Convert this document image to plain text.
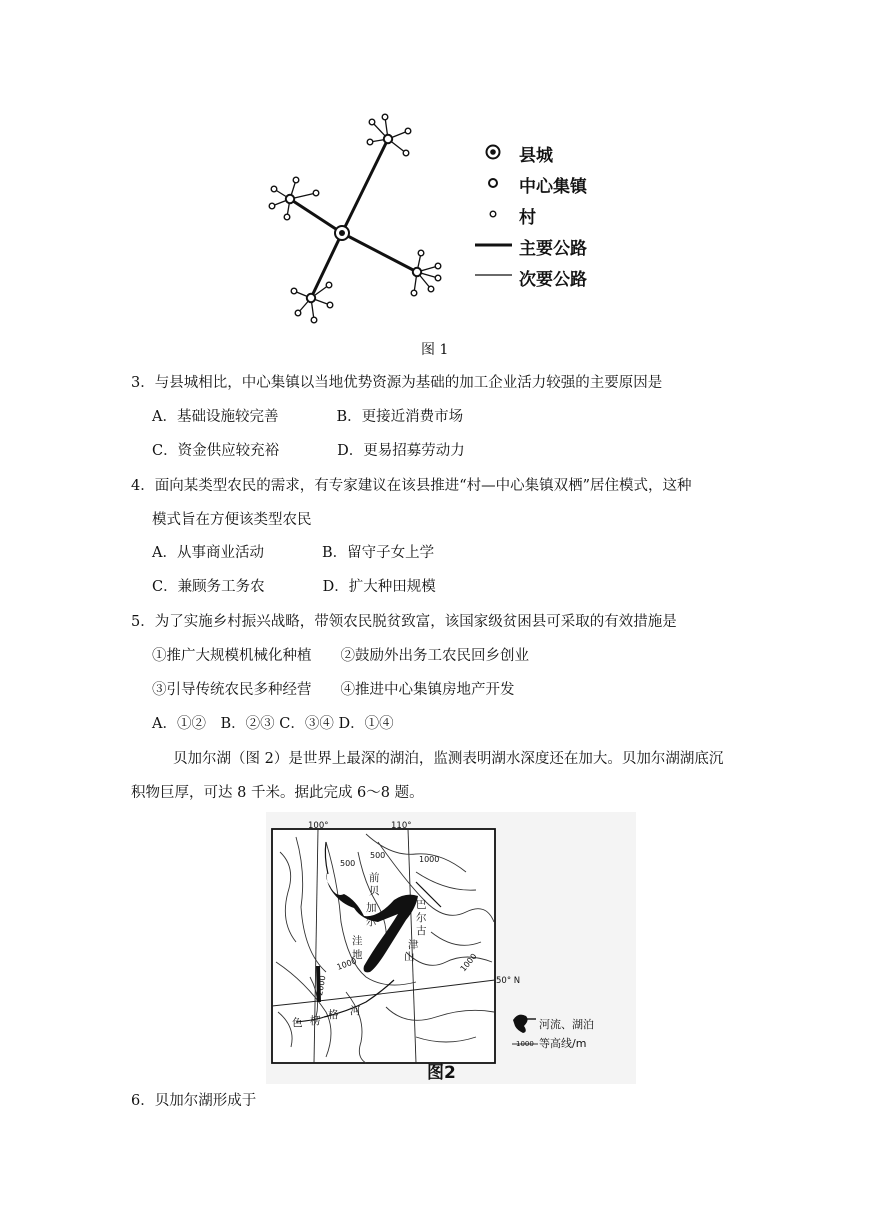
县城
中心集镇
村
主要公路
次要公路
图 1
3．与县城相比，中心集镇以当地优势资源为基础的加工企业活力较强的主要原因是
A．基础设施较完善　　　　B．更接近消费市场
C．资金供应较充裕　　　　D．更易招募劳动力
4．面向某类型农民的需求，有专家建议在该县推进“村—中心集镇双栖”居住模式，这种
模式旨在方便该类型农民
A．从事商业活动　　　　B．留守子女上学
C．兼顾务工务农　　　　D．扩大种田规模
5．为了实施乡村振兴战略，带领农民脱贫致富，该国家级贫困县可采取的有效措施是
①推广大规模机械化种植　　②鼓励外出务工农民回乡创业
③引导传统农民多种经营　　④推进中心集镇房地产开发
A．①②　B．②③ C．③④ D．①④
贝加尔湖（图 2）是世界上最深的湖泊，监测表明湖水深度还在加大。贝加尔湖湖底沉
积物巨厚，可达 8 千米。据此完成 6～8 题。
100°	110°
50° N
500
500	1000
1000
2000
1000
前
贝
加
尔
洼
地
巴
尔
古
津
山
色 楞 格 河
河流、湖泊
1000 等高线/m
图2
6．贝加尔湖形成于
